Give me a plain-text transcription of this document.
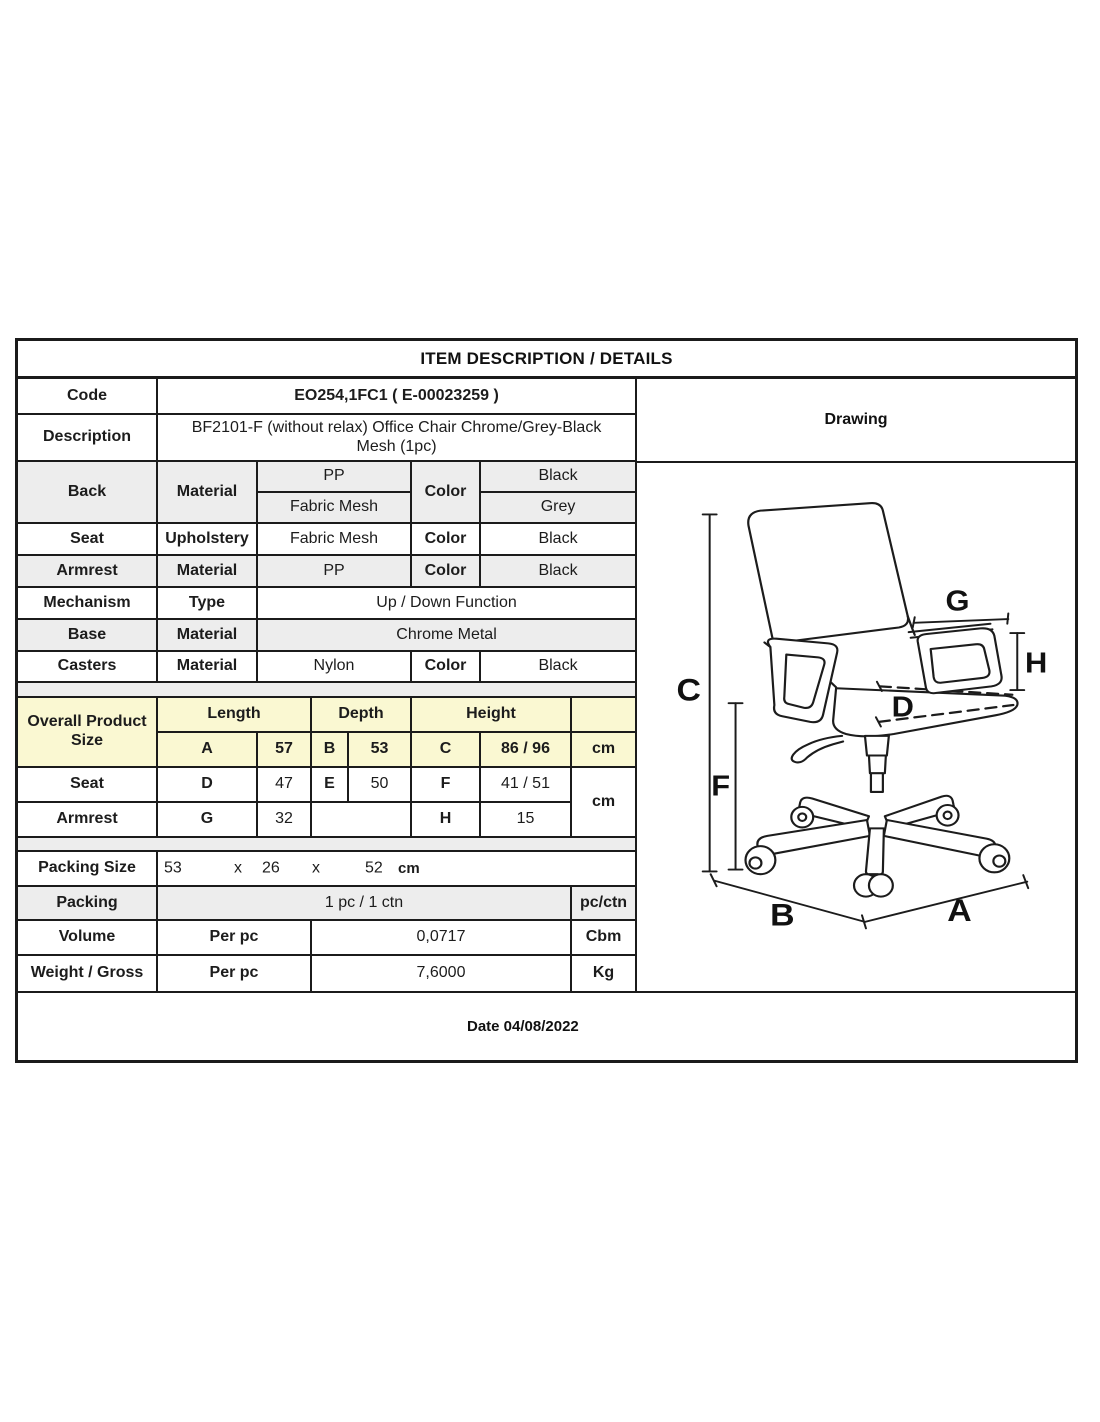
ITEM DESCRIPTION / DETAILS
Code	EO254,1FC1 ( E-00023259 )						
Description	BF2101-F (without relax) Office Chair Chrome/Grey-Black
Mesh (1pc)						

Back	Material	PP			Color	Black	
		Fabric Mesh				Grey	
Seat	Upholstery	Fabric Mesh			Color	Black	
Armrest	Material	PP			Color	Black	
Mechanism	Type	Up / Down Function					
Base	Material	Chrome Metal					
Casters	Material	Nylon			Color	Black	

Overall Product Size	Length		Depth		Height		
	A	57	B	53	C	86 / 96	cm
Seat	D	47	E	50	F	41 / 51	cm
Armrest	G	32			H	15	

Packing Size	53	x 26 x	52 cm

Packing	1 pc / 1 ctn						pc/ctn
Volume	Per pc		0,0717				Cbm
Weight / Gross	Per pc		7,6000				Kg
Drawing
C
F
D
G
H
B	A
Date 04/08/2022
